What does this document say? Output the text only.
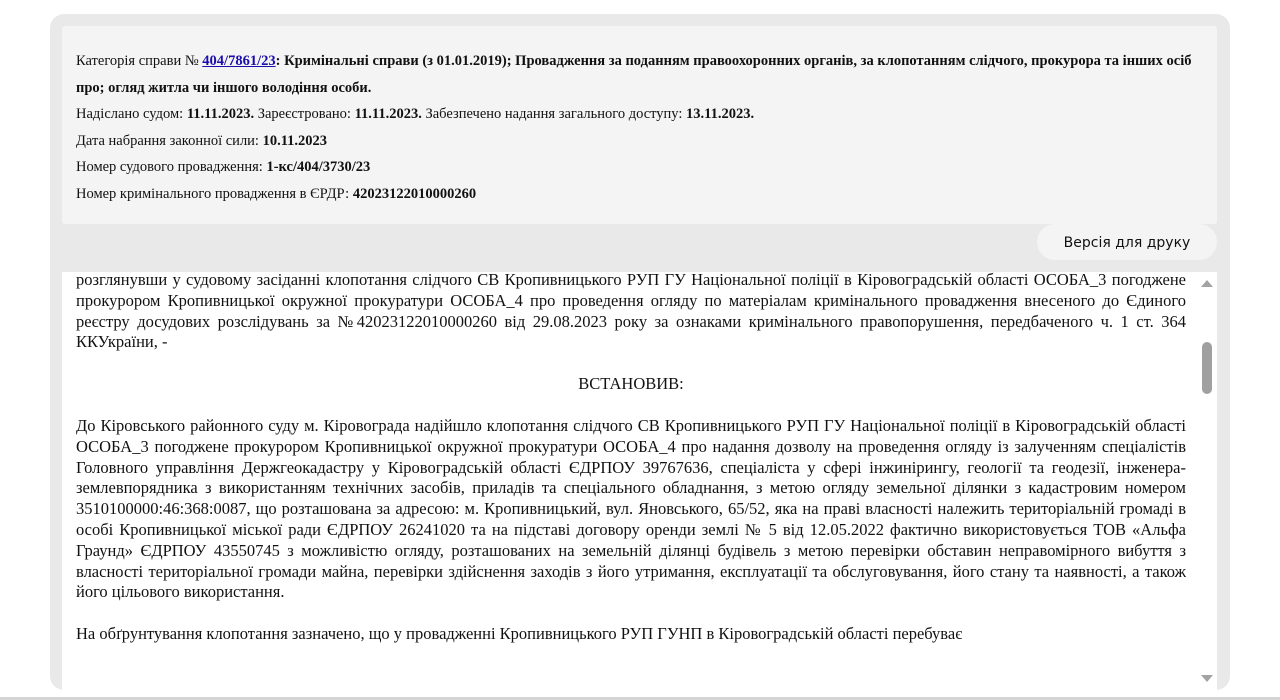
Категорія справи № 404/7861/23: Кримінальні справи (з 01.01.2019); Провадження за поданням правоохоронних органів, за клопотанням слідчого, прокурора та інших осіб про; огляд житла чи іншого володіння особи.

Надіслано судом: 11.11.2023. Зареєстровано: 11.11.2023. Забезпечено надання загального доступу: 13.11.2023.

Дата набрання законної сили: 10.11.2023

Номер судового провадження: 1-кс/404/3730/23

Номер кримінального провадження в ЄРДР: 42023122010000260

Версія для друку

розглянувши у судовому засіданні клопотання слідчого СВ Кропивницького РУП ГУ Національної поліції в Кіровоградській області ОСОБА_3 погоджене прокурором Кропивницької окружної прокуратури ОСОБА_4 про проведення огляду по матеріалам кримінального провадження внесеного до Єдиного реєстру досудових розслідувань за №42023122010000260 від 29.08.2023 року за ознаками кримінального правопорушення, передбаченого ч. 1 ст. 364 ККУкраїни, -

ВСТАНОВИВ:

До Кіровського районного суду м. Кіровограда надійшло клопотання слідчого СВ Кропивницького РУП ГУ Національної поліції в Кіровоградській області ОСОБА_3 погоджене прокурором Кропивницької окружної прокуратури ОСОБА_4 про надання дозволу на проведення огляду із залученням спеціалістів Головного управління Держгеокадастру у Кіровоградській області ЄДРПОУ 39767636, спеціаліста у сфері інжинірингу, геології та геодезії, інженера-землевпорядника з використанням технічних засобів, приладів та спеціального обладнання, з метою огляду земельної ділянки з кадастровим номером 3510100000:46:368:0087, що розташована за адресою: м. Кропивницький, вул. Яновського, 65/52, яка на праві власності належить територіальній громаді в особі Кропивницької міської ради ЄДРПОУ 26241020 та на підставі договору оренди землі № 5 від 12.05.2022 фактично використовується ТОВ «Альфа Граунд» ЄДРПОУ 43550745 з можливістю огляду, розташованих на земельній ділянці будівель з метою перевірки обставин неправомірного вибуття з власності територіальної громади майна, перевірки здійснення заходів з його утримання, експлуатації та обслуговування, його стану та наявності, а також його цільового використання.

На обґрунтування клопотання зазначено, що у провадженні Кропивницького РУП ГУНП в Кіровоградській області перебуває
